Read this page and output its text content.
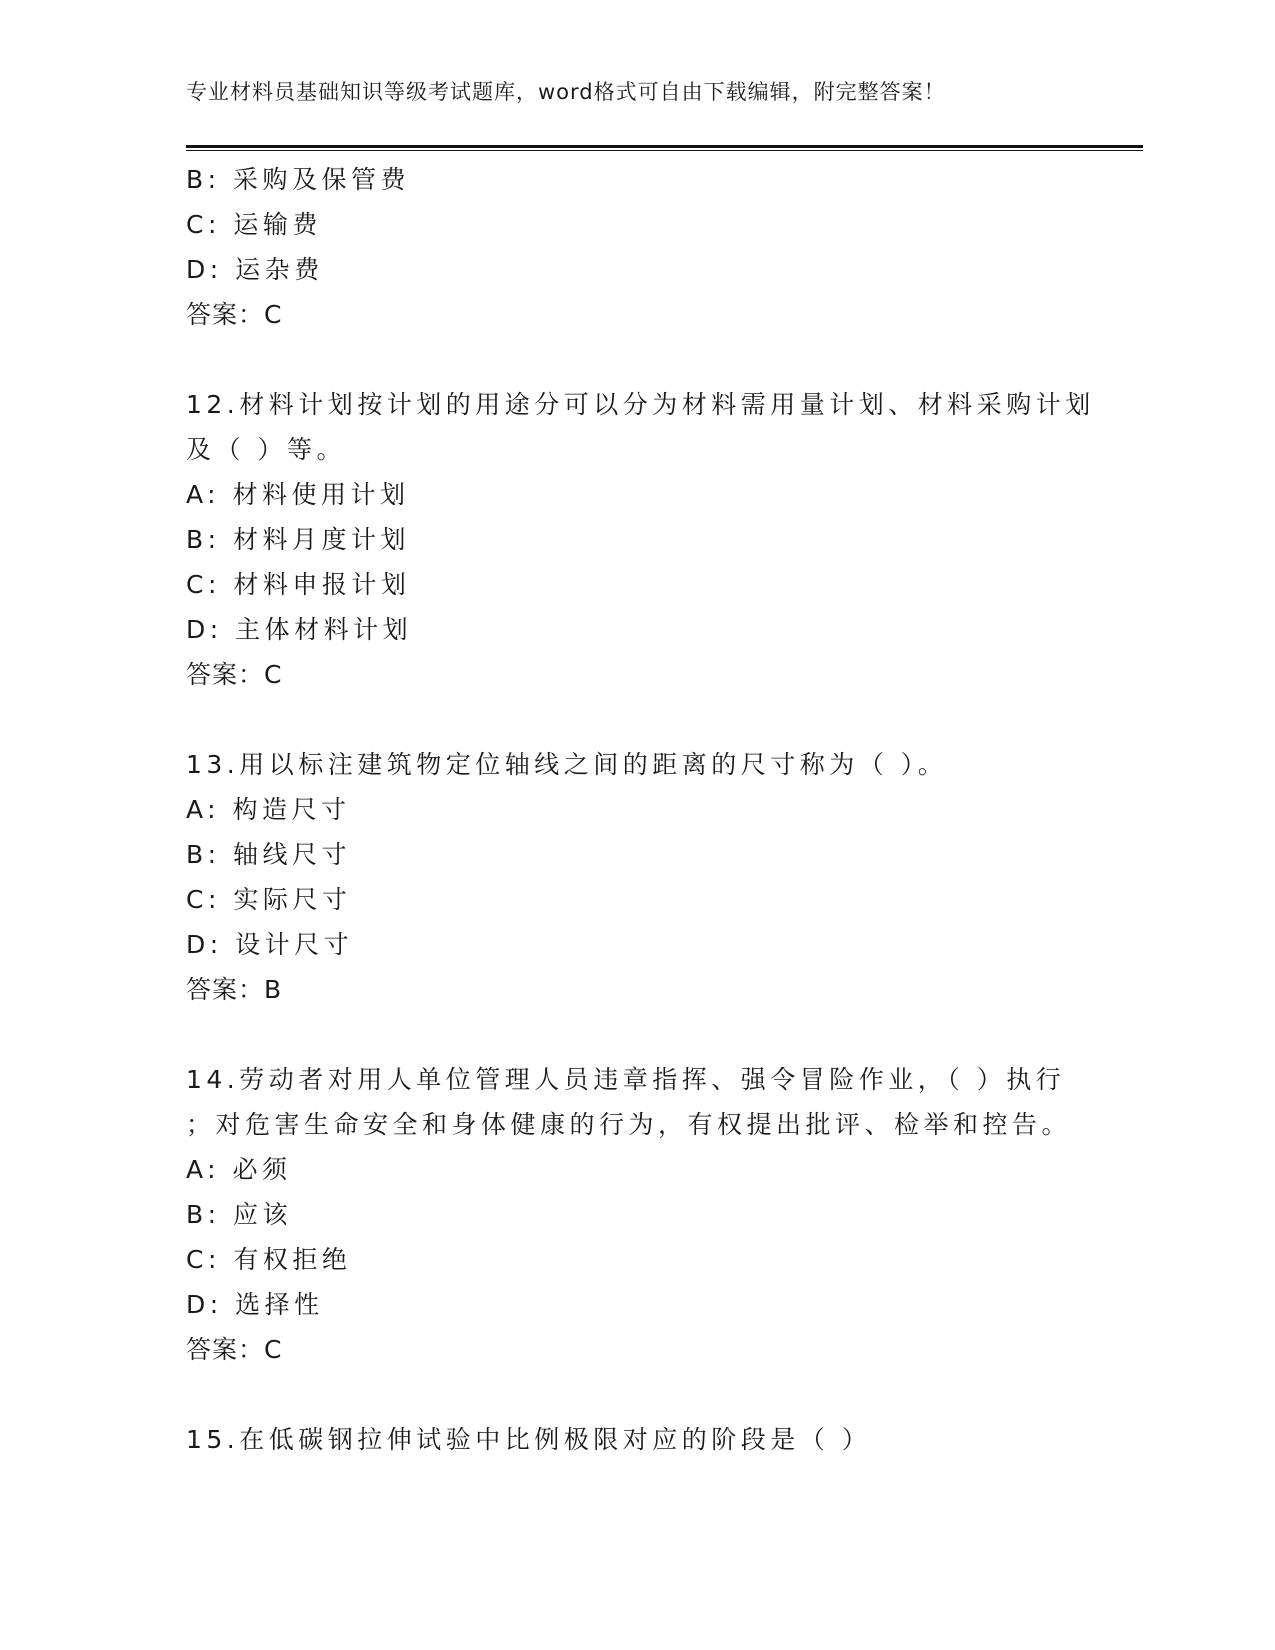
专业材料员基础知识等级考试题库，word格式可自由下载编辑，附完整答案！
B: 采购及保管费
C: 运输费
D: 运杂费
答案：C
12.材料计划按计划的用途分可以分为材料需用量计划、材料采购计划
及（ ）等。
A: 材料使用计划
B: 材料月度计划
C: 材料申报计划
D: 主体材料计划
答案：C
13.用以标注建筑物定位轴线之间的距离的尺寸称为（ ）。
A: 构造尺寸
B: 轴线尺寸
C: 实际尺寸
D: 设计尺寸
答案：B
14.劳动者对用人单位管理人员违章指挥、强令冒险作业，（ ）执行
；对危害生命安全和身体健康的行为，有权提出批评、检举和控告。
A: 必须
B: 应该
C: 有权拒绝
D: 选择性
答案：C
15.在低碳钢拉伸试验中比例极限对应的阶段是（ ）
